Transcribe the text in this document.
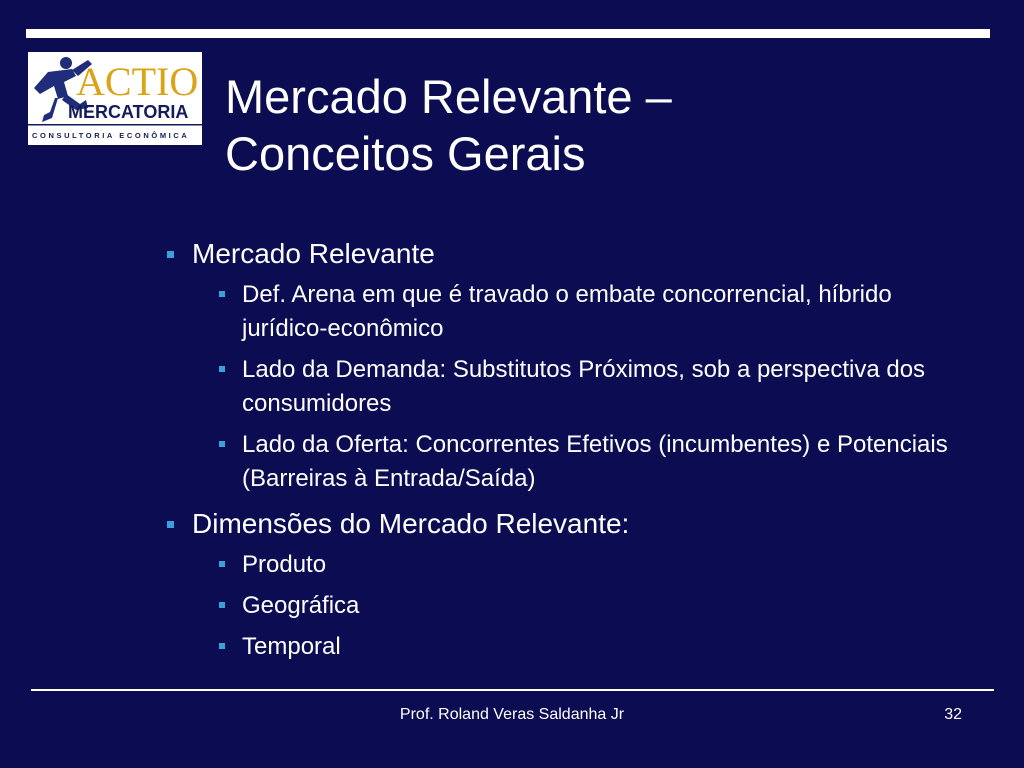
ACTIO
MERCATORIA
CONSULTORIA ECONÔMICA
Mercado Relevante –
Conceitos Gerais
Mercado Relevante
Def. Arena em que é travado o embate concorrencial, híbrido jurídico-econômico
Lado da Demanda: Substitutos Próximos, sob a perspectiva dos consumidores
Lado da Oferta: Concorrentes Efetivos (incumbentes) e Potenciais (Barreiras à Entrada/Saída)
Dimensões do Mercado Relevante:
Produto
Geográfica
Temporal
Prof. Roland Veras Saldanha Jr	32
